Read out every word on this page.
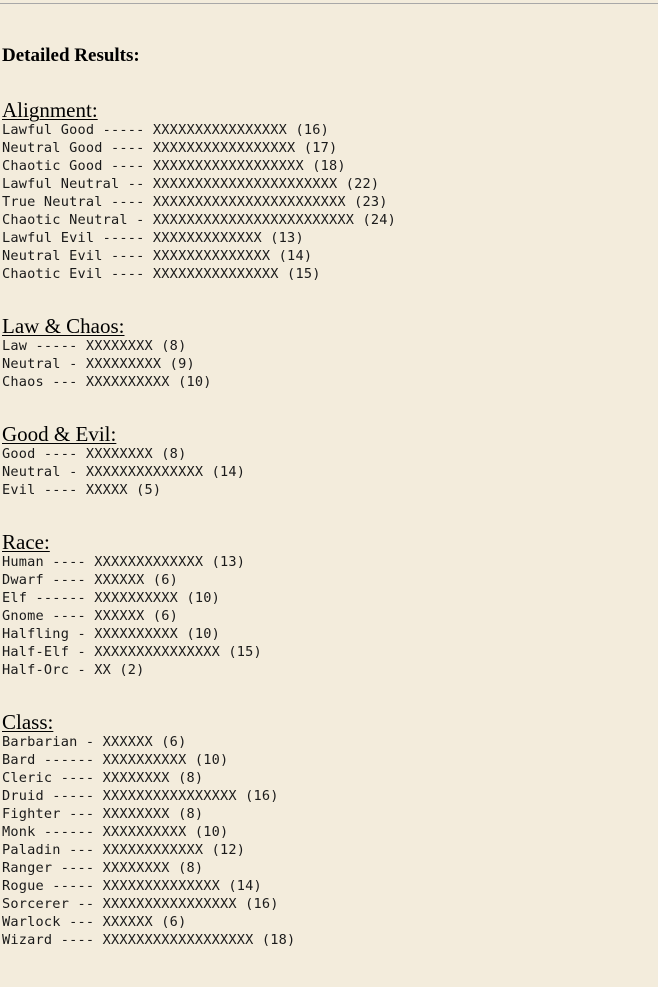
Detailed Results:
Alignment:
Lawful Good ----- XXXXXXXXXXXXXXXX (16)
Neutral Good ---- XXXXXXXXXXXXXXXXX (17)
Chaotic Good ---- XXXXXXXXXXXXXXXXXX (18)
Lawful Neutral -- XXXXXXXXXXXXXXXXXXXXXX (22)
True Neutral ---- XXXXXXXXXXXXXXXXXXXXXXX (23)
Chaotic Neutral - XXXXXXXXXXXXXXXXXXXXXXXX (24)
Lawful Evil ----- XXXXXXXXXXXXX (13)
Neutral Evil ---- XXXXXXXXXXXXXX (14)
Chaotic Evil ---- XXXXXXXXXXXXXXX (15)
Law & Chaos:
Law ----- XXXXXXXX (8)
Neutral - XXXXXXXXX (9)
Chaos --- XXXXXXXXXX (10)
Good & Evil:
Good ---- XXXXXXXX (8)
Neutral - XXXXXXXXXXXXXX (14)
Evil ---- XXXXX (5)
Race:
Human ---- XXXXXXXXXXXXX (13)
Dwarf ---- XXXXXX (6)
Elf ------ XXXXXXXXXX (10)
Gnome ---- XXXXXX (6)
Halfling - XXXXXXXXXX (10)
Half-Elf - XXXXXXXXXXXXXXX (15)
Half-Orc - XX (2)
Class:
Barbarian - XXXXXX (6)
Bard ------ XXXXXXXXXX (10)
Cleric ---- XXXXXXXX (8)
Druid ----- XXXXXXXXXXXXXXXX (16)
Fighter --- XXXXXXXX (8)
Monk ------ XXXXXXXXXX (10)
Paladin --- XXXXXXXXXXXX (12)
Ranger ---- XXXXXXXX (8)
Rogue ----- XXXXXXXXXXXXXX (14)
Sorcerer -- XXXXXXXXXXXXXXXX (16)
Warlock --- XXXXXX (6)
Wizard ---- XXXXXXXXXXXXXXXXXX (18)
